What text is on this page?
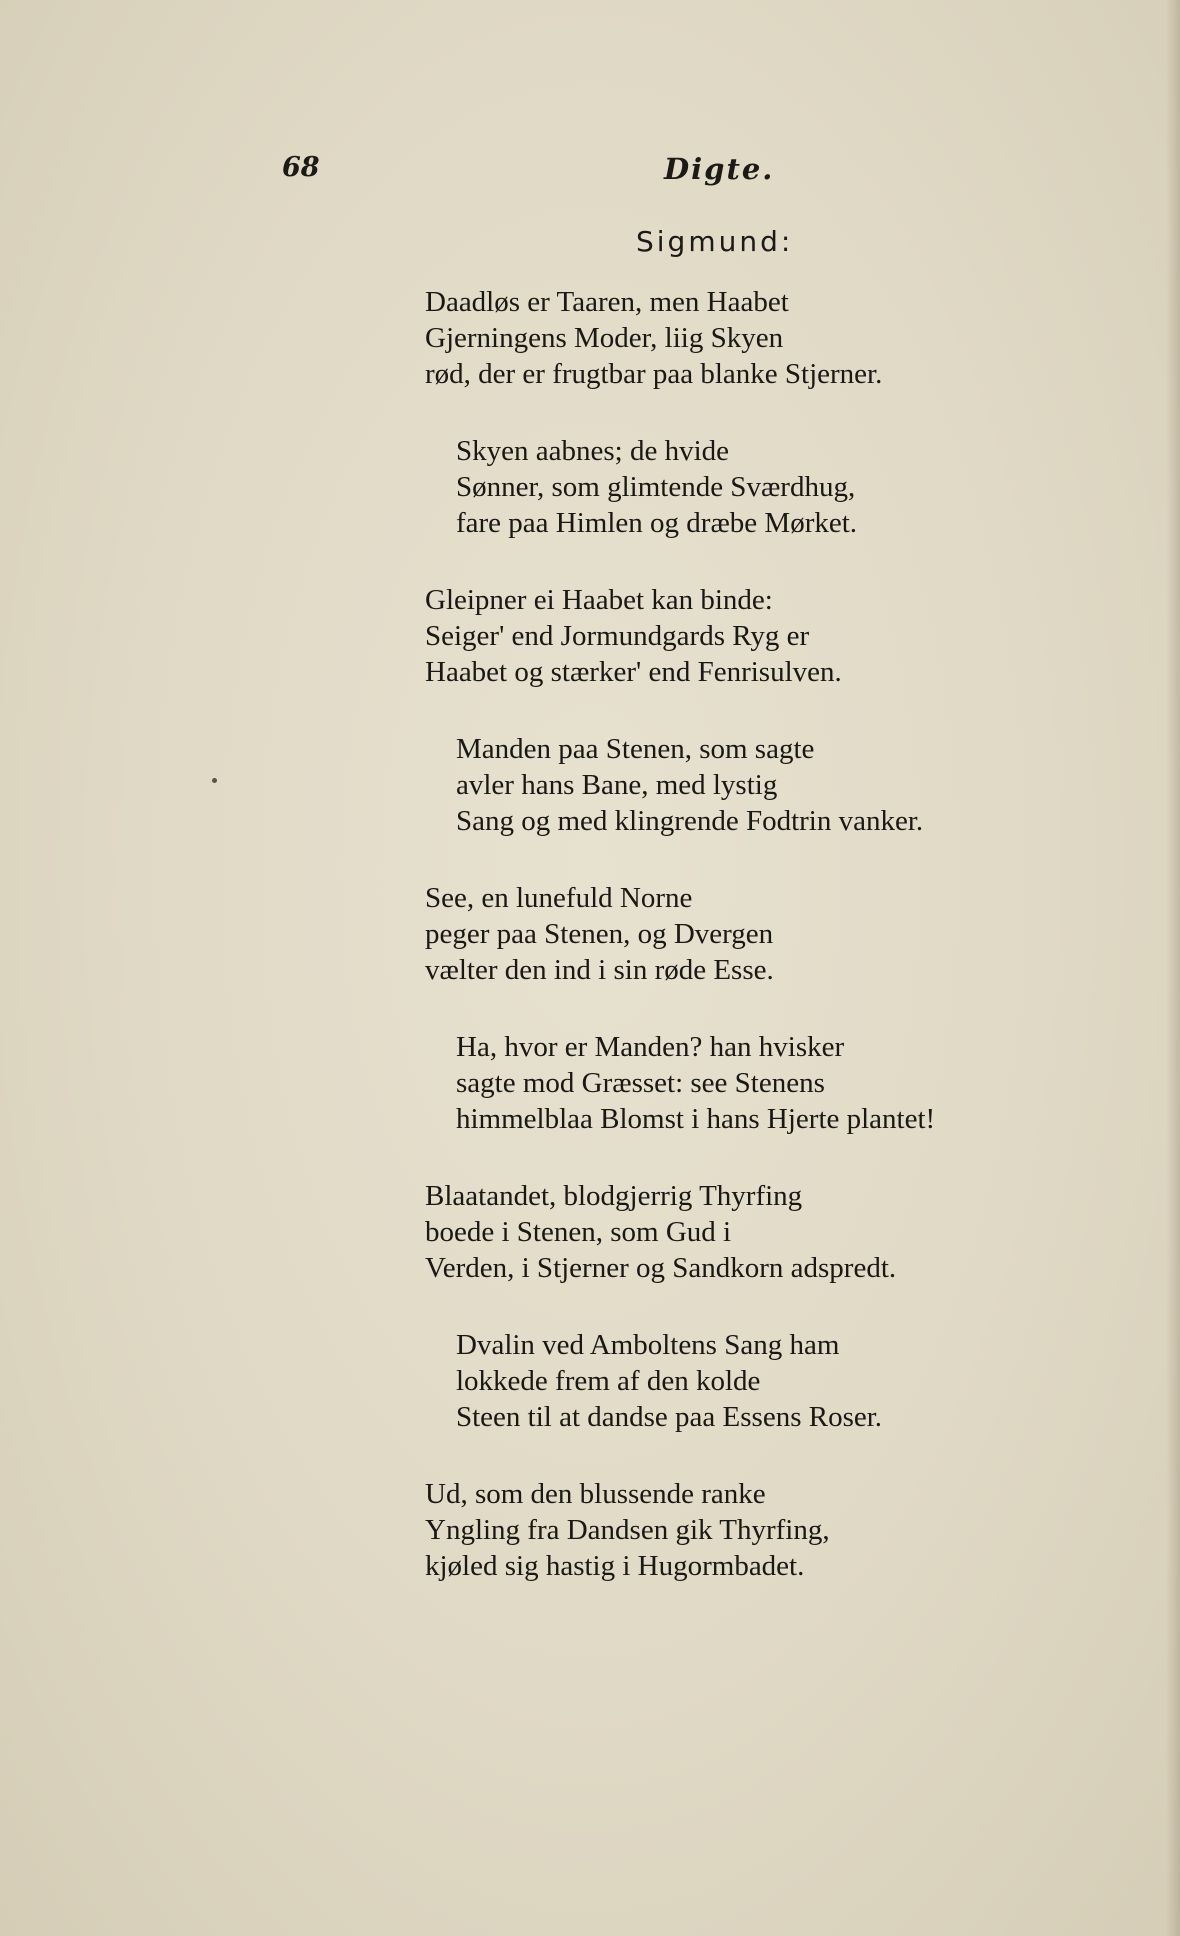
68	Digte.

Sigmund:

Daadløs er Taaren, men Haabet
Gjerningens Moder, liig Skyen
rød, der er frugtbar paa blanke Stjerner.

Skyen aabnes; de hvide
Sønner, som glimtende Sværdhug,
fare paa Himlen og dræbe Mørket.

Gleipner ei Haabet kan binde:
Seiger' end Jormundgards Ryg er
Haabet og stærker' end Fenrisulven.

Manden paa Stenen, som sagte
avler hans Bane, med lystig
Sang og med klingrende Fodtrin vanker.

See, en lunefuld Norne
peger paa Stenen, og Dvergen
vælter den ind i sin røde Esse.

Ha, hvor er Manden? han hvisker
sagte mod Græsset: see Stenens
himmelblaa Blomst i hans Hjerte plantet!

Blaatandet, blodgjerrig Thyrfing
boede i Stenen, som Gud i
Verden, i Stjerner og Sandkorn adspredt.

Dvalin ved Amboltens Sang ham
lokkede frem af den kolde
Steen til at dandse paa Essens Roser.

Ud, som den blussende ranke
Yngling fra Dandsen gik Thyrfing,
kjøled sig hastig i Hugormbadet.
